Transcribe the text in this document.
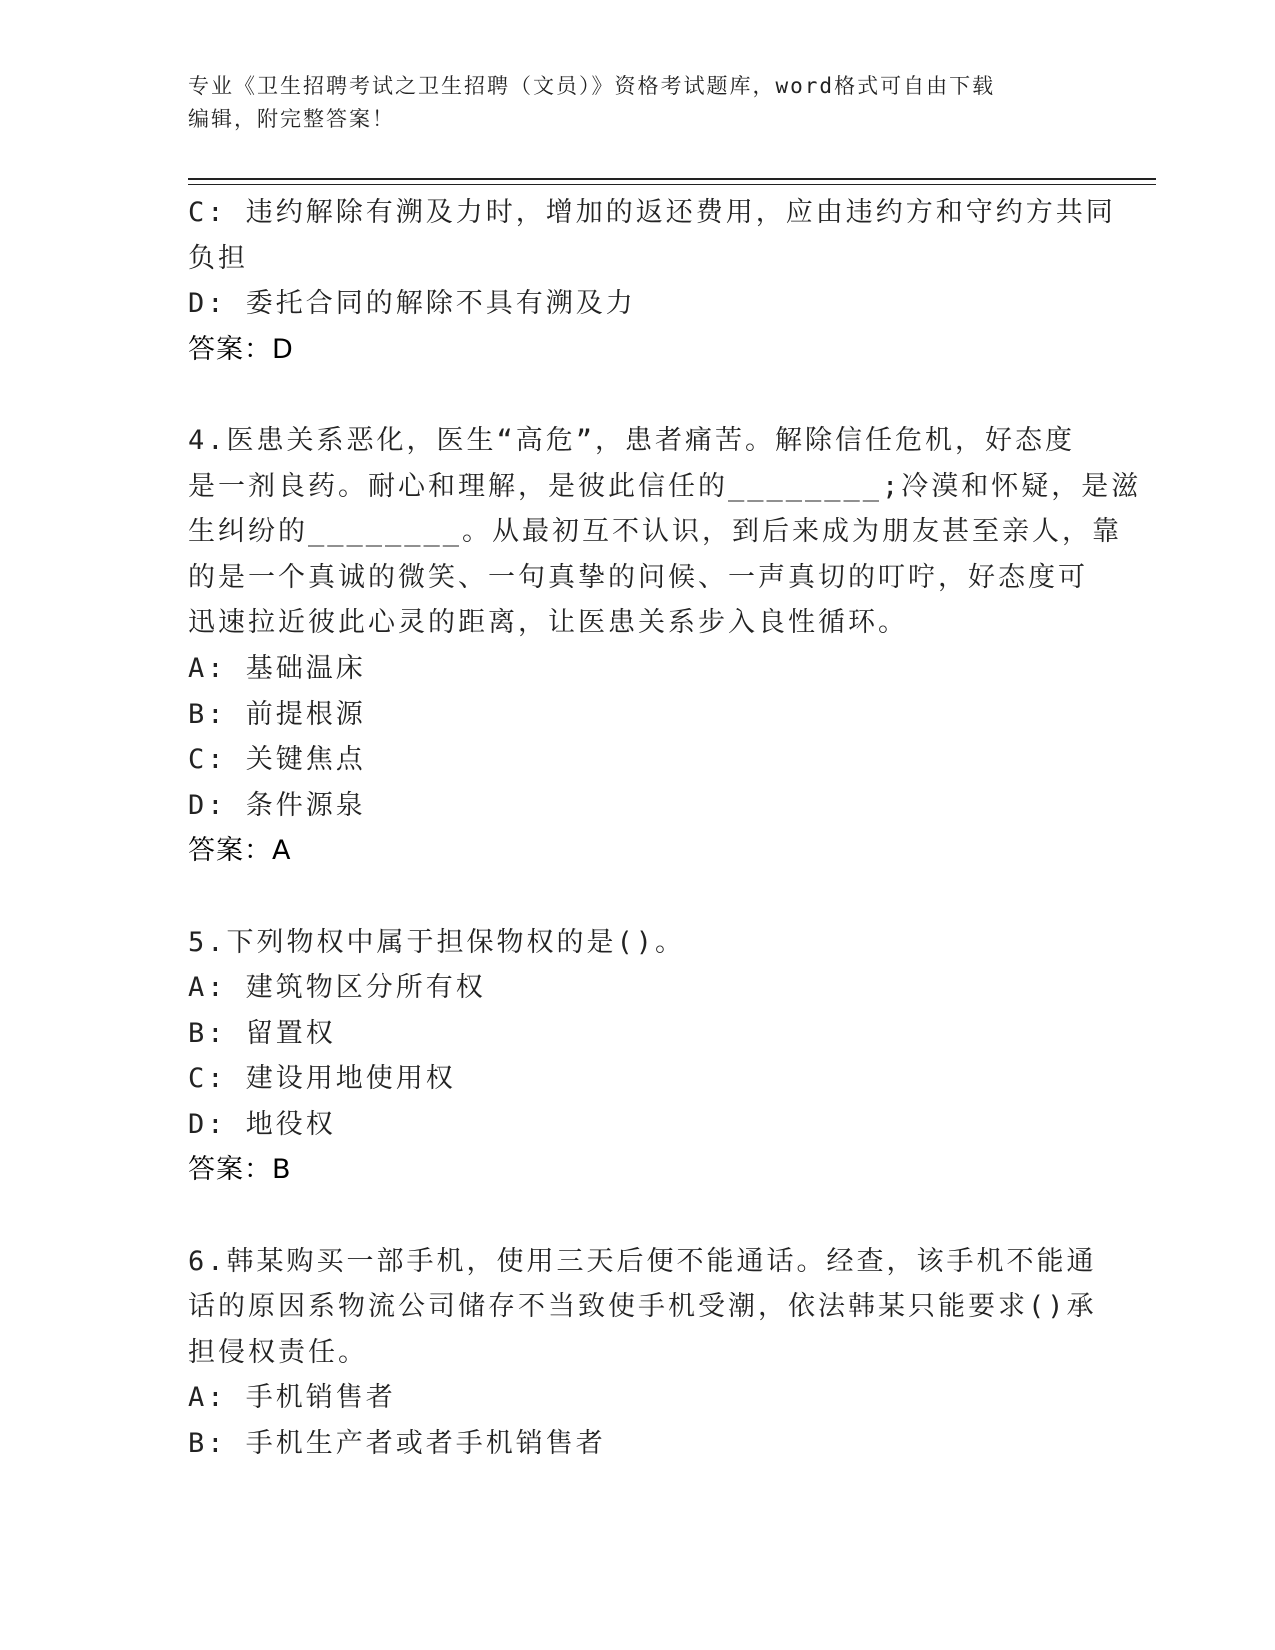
专业《卫生招聘考试之卫生招聘（文员）》资格考试题库，word格式可自由下载

编辑，附完整答案！

C: 违约解除有溯及力时，增加的返还费用，应由违约方和守约方共同
负担
D: 委托合同的解除不具有溯及力
答案：D
4.医患关系恶化，医生“高危”，患者痛苦。解除信任危机，好态度
是一剂良药。耐心和理解，是彼此信任的________;冷漠和怀疑，是滋
生纠纷的________。从最初互不认识，到后来成为朋友甚至亲人，靠
的是一个真诚的微笑、一句真挚的问候、一声真切的叮咛，好态度可
迅速拉近彼此心灵的距离，让医患关系步入良性循环。
A: 基础温床
B: 前提根源
C: 关键焦点
D: 条件源泉
答案：A
5.下列物权中属于担保物权的是()。
A: 建筑物区分所有权
B: 留置权
C: 建设用地使用权
D: 地役权
答案：B
6.韩某购买一部手机，使用三天后便不能通话。经查，该手机不能通
话的原因系物流公司储存不当致使手机受潮，依法韩某只能要求()承
担侵权责任。
A: 手机销售者
B: 手机生产者或者手机销售者
